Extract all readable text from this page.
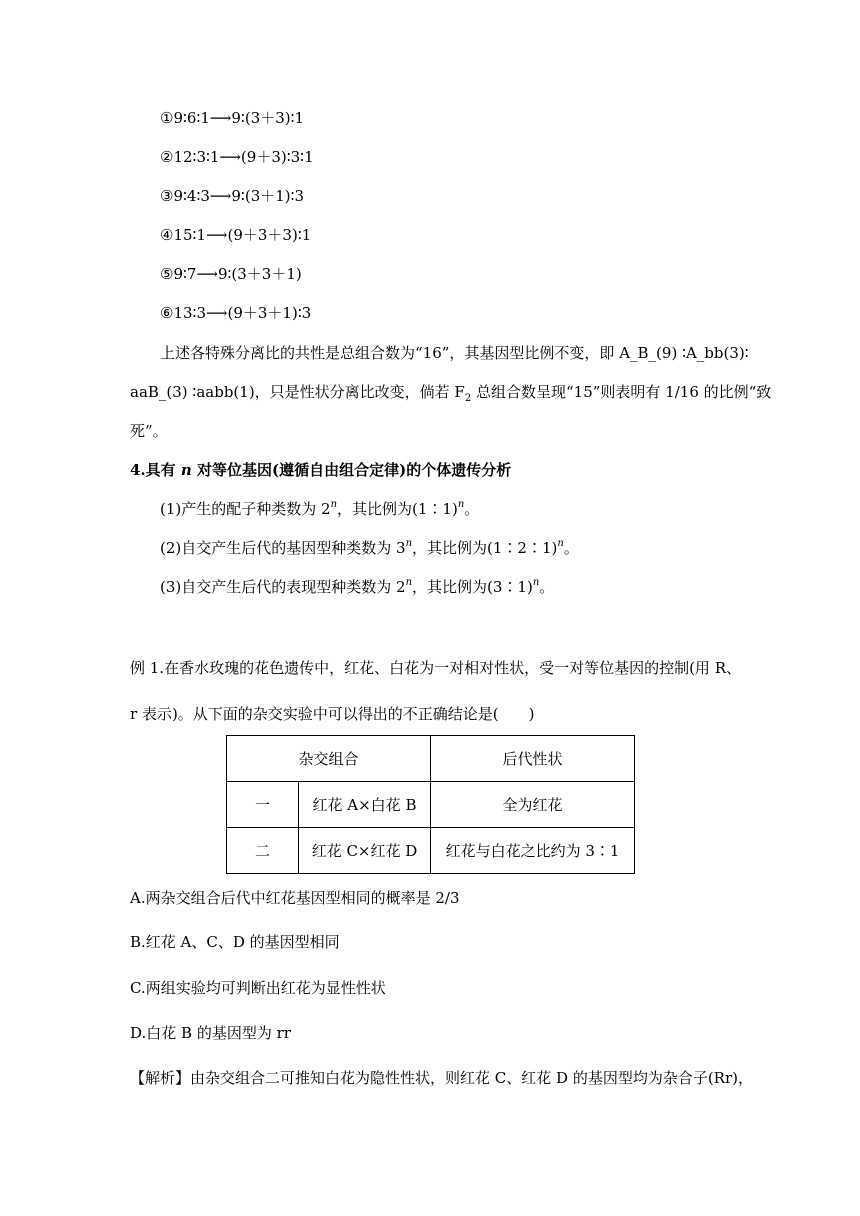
①9∶6∶1⟶9∶(3＋3)∶1
②12∶3∶1⟶(9＋3)∶3∶1
③9∶4∶3⟶9∶(3＋1)∶3
④15∶1⟶(9＋3＋3)∶1
⑤9∶7⟶9∶(3＋3＋1)
⑥13∶3⟶(9＋3＋1)∶3
上述各特殊分离比的共性是总组合数为“16”，其基因型比例不变，即 A_B_(9) ∶A_bb(3)∶
aaB_(3) ∶aabb(1)，只是性状分离比改变，倘若 $F_2$ 总组合数呈现“15”则表明有 1/16 的比例“致
死”。
4.具有 n 对等位基因(遵循自由组合定律)的个体遗传分析
(1)产生的配子种类数为 2$^n$，其比例为(1∶1)$^n$。
(2)自交产生后代的基因型种类数为 3$^n$，其比例为(1∶2∶1)$^n$。
(3)自交产生后代的表现型种类数为 2$^n$，其比例为(3∶1)$^n$。
例 1.在香水玫瑰的花色遗传中，红花、白花为一对相对性状，受一对等位基因的控制(用 R、
r 表示)。从下面的杂交实验中可以得出的不正确结论是(　　)
杂交组合		后代性状
一	红花 A×白花 B	全为红花
二	红花 C×红花 D	红花与白花之比约为 3∶1
A.两杂交组合后代中红花基因型相同的概率是 2/3
B.红花 A、C、D 的基因型相同
C.两组实验均可判断出红花为显性性状
D.白花 B 的基因型为 rr
【解析】由杂交组合二可推知白花为隐性性状，则红花 C、红花 D 的基因型均为杂合子(Rr)，
